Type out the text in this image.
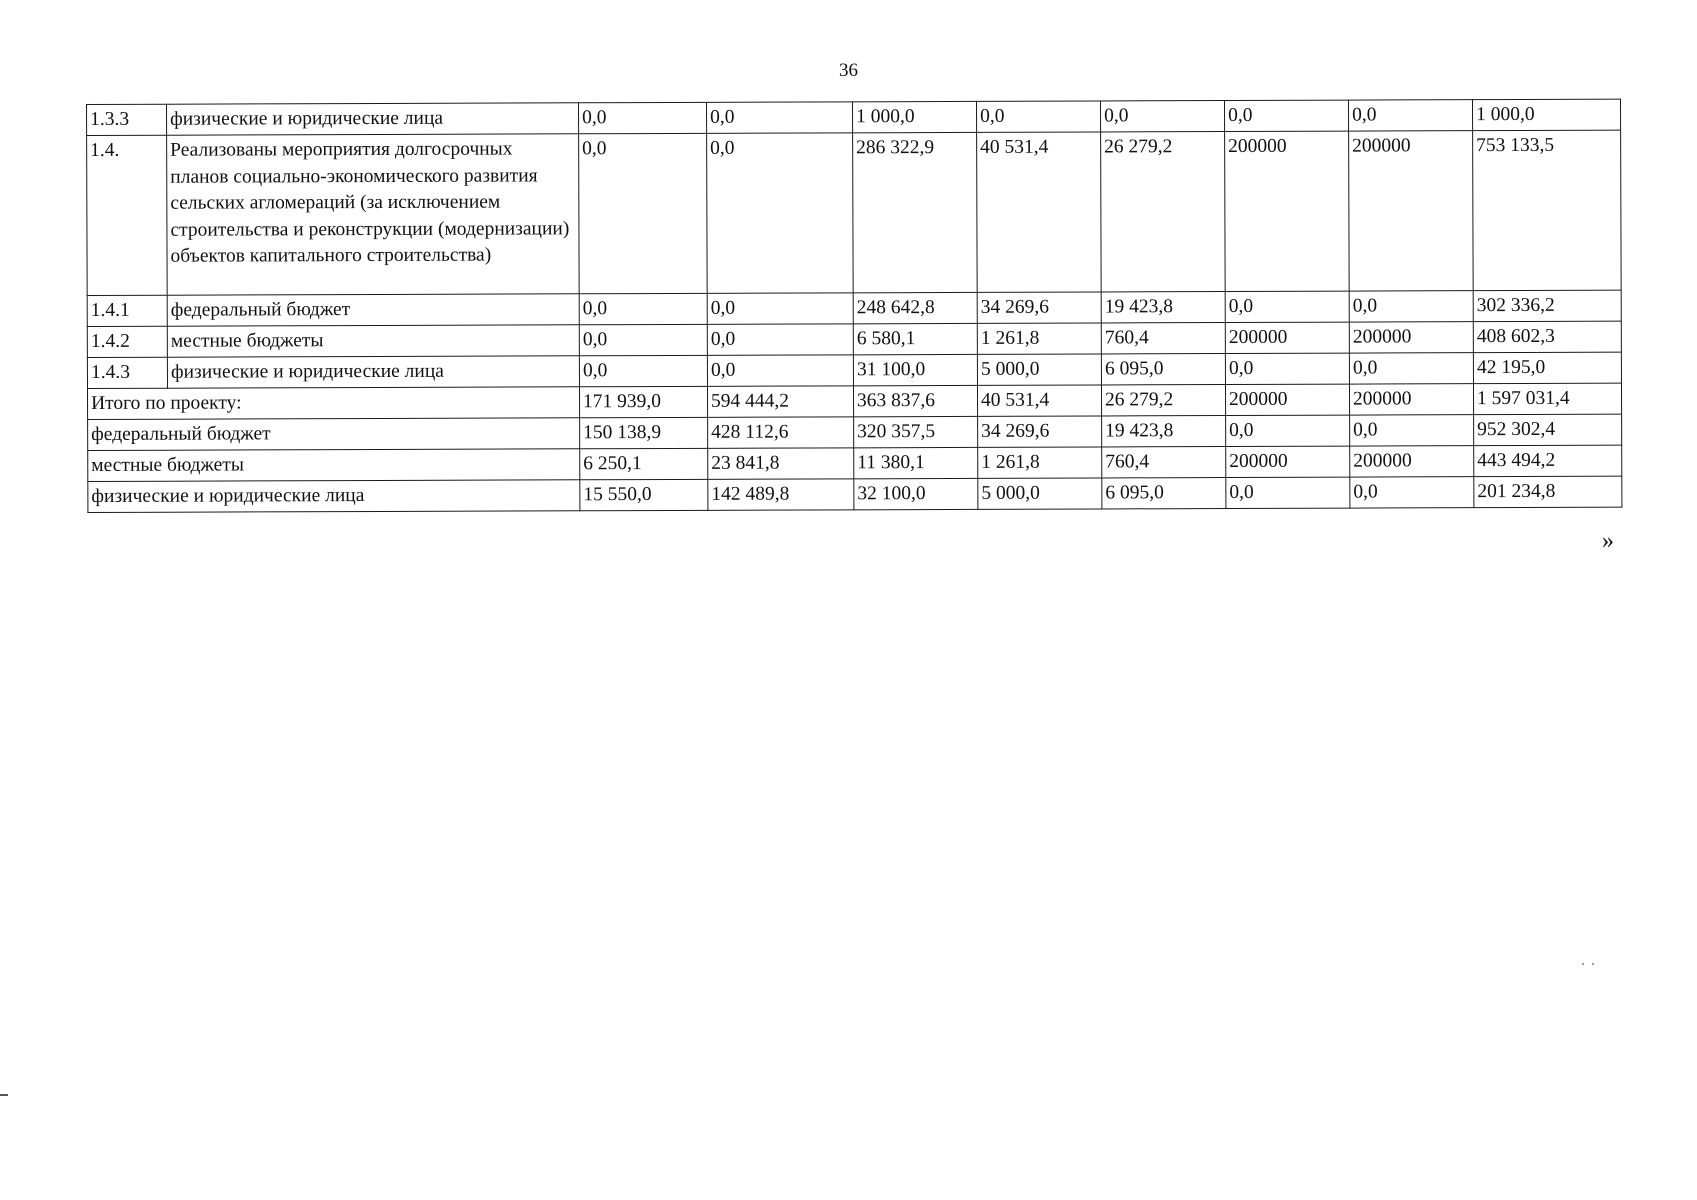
36
1.3.3	физические и юридические лица	0,0	0,0	1 000,0	0,0	0,0	0,0	0,0	1 000,0
1.4.	Реализованы мероприятия долгосрочных планов социально-экономического развития сельских агломераций (за исключением строительства и реконструкции (модернизации) объектов капитального строительства)	0,0	0,0	286 322,9	40 531,4	26 279,2	200000	200000	753 133,5
1.4.1	федеральный бюджет	0,0	0,0	248 642,8	34 269,6	19 423,8	0,0	0,0	302 336,2
1.4.2	местные бюджеты	0,0	0,0	6 580,1	1 261,8	760,4	200000	200000	408 602,3
1.4.3	физические и юридические лица	0,0	0,0	31 100,0	5 000,0	6 095,0	0,0	0,0	42 195,0
Итого по проекту:		171 939,0	594 444,2	363 837,6	40 531,4	26 279,2	200000	200000	1 597 031,4
федеральный бюджет		150 138,9	428 112,6	320 357,5	34 269,6	19 423,8	0,0	0,0	952 302,4
местные бюджеты		6 250,1	23 841,8	11 380,1	1 261,8	760,4	200000	200000	443 494,2
физические и юридические лица		15 550,0	142 489,8	32 100,0	5 000,0	6 095,0	0,0	0,0	201 234,8
»
